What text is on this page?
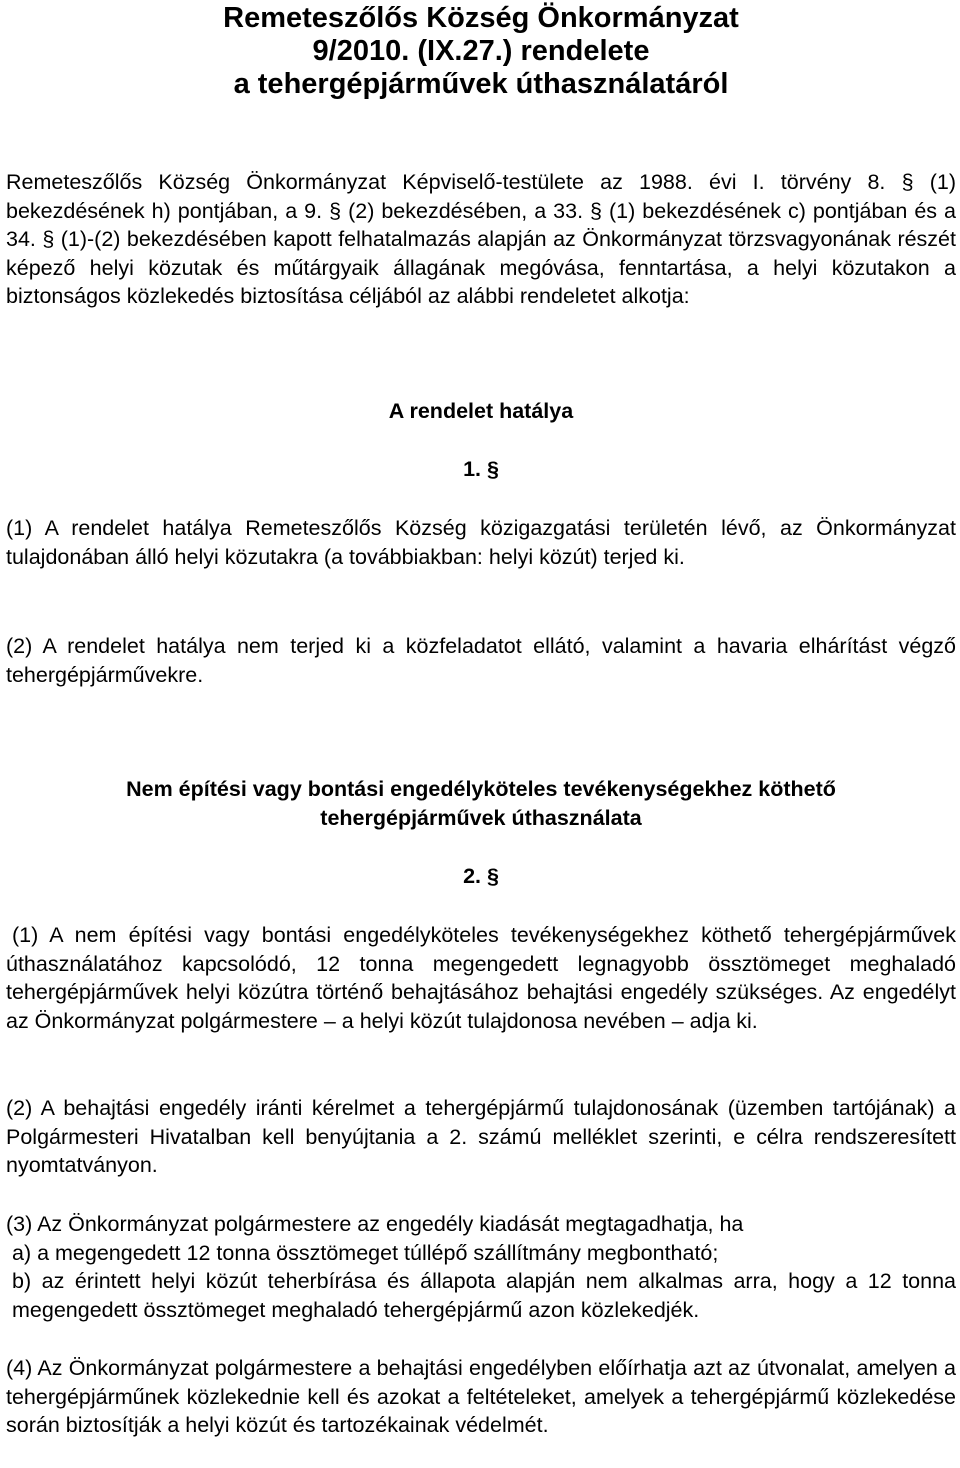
Remeteszőlős Község Önkormányzat
9/2010. (IX.27.) rendelete
a tehergépjárművek úthasználatáról

Remeteszőlős Község Önkormányzat Képviselő-testülete az 1988. évi I. törvény 8. § (1) bekezdésének h) pontjában, a 9. § (2) bekezdésében, a 33. § (1) bekezdésének c) pontjában és a 34. § (1)-(2) bekezdésében kapott felhatalmazás alapján az Önkormányzat törzsvagyonának részét képező helyi közutak és műtárgyaik állagának megóvása, fenntartása, a helyi közutakon a biztonságos közlekedés biztosítása céljából az alábbi rendeletet alkotja:

A rendelet hatálya

1. §

(1) A rendelet hatálya Remeteszőlős Község közigazgatási területén lévő, az Önkormányzat tulajdonában álló helyi közutakra (a továbbiakban: helyi közút) terjed ki.

(2) A rendelet hatálya nem terjed ki a közfeladatot ellátó, valamint a havaria elhárítást végző tehergépjárművekre.

Nem építési vagy bontási engedélyköteles tevékenységekhez köthető
tehergépjárművek úthasználata

2. §

(1) A nem építési vagy bontási engedélyköteles tevékenységekhez köthető tehergépjárművek úthasználatához kapcsolódó, 12 tonna megengedett legnagyobb össztömeget meghaladó tehergépjárművek helyi közútra történő behajtásához behajtási engedély szükséges. Az engedélyt az Önkormányzat polgármestere – a helyi közút tulajdonosa nevében – adja ki.

(2) A behajtási engedély iránti kérelmet a tehergépjármű tulajdonosának (üzemben tartójának) a Polgármesteri Hivatalban kell benyújtania a 2. számú melléklet szerinti, e célra rendszeresített nyomtatványon.

(3) Az Önkormányzat polgármestere az engedély kiadását megtagadhatja, ha
a) a megengedett 12 tonna össztömeget túllépő szállítmány megbontható;
b) az érintett helyi közút teherbírása és állapota alapján nem alkalmas arra, hogy a 12 tonna megengedett össztömeget meghaladó tehergépjármű azon közlekedjék.

(4) Az Önkormányzat polgármestere a behajtási engedélyben előírhatja azt az útvonalat, amelyen a tehergépjárműnek közlekednie kell és azokat a feltételeket, amelyek a tehergépjármű közlekedése során biztosítják a helyi közút és tartozékainak védelmét.
